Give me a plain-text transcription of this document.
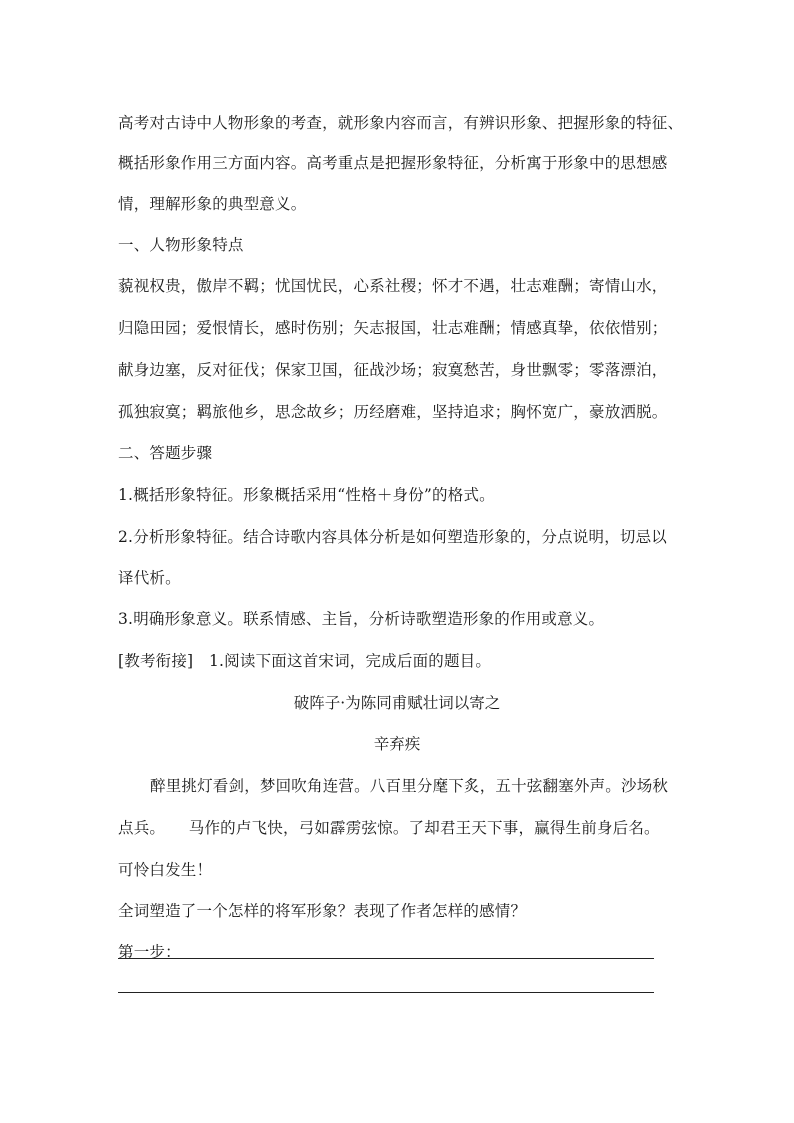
高考对古诗中人物形象的考查，就形象内容而言，有辨识形象、把握形象的特征、
概括形象作用三方面内容。高考重点是把握形象特征，分析寓于形象中的思想感
情，理解形象的典型意义。
一、人物形象特点
藐视权贵，傲岸不羁；忧国忧民，心系社稷；怀才不遇，壮志难酬；寄情山水，
归隐田园；爱恨情长，感时伤别；矢志报国，壮志难酬；情感真挚，依依惜别；
献身边塞，反对征伐；保家卫国，征战沙场；寂寞愁苦，身世飘零；零落漂泊，
孤独寂寞；羁旅他乡，思念故乡；历经磨难，坚持追求；胸怀宽广，豪放洒脱。
二、答题步骤
1.概括形象特征。形象概括采用“性格＋身份”的格式。
2.分析形象特征。结合诗歌内容具体分析是如何塑造形象的，分点说明，切忌以
译代析。
3.明确形象意义。联系情感、主旨，分析诗歌塑造形象的作用或意义。
[教考衔接]　1.阅读下面这首宋词，完成后面的题目。
破阵子·为陈同甫赋壮词以寄之
辛弃疾
醉里挑灯看剑，梦回吹角连营。八百里分麾下炙，五十弦翻塞外声。沙场秋
点兵。　　马作的卢飞快，弓如霹雳弦惊。了却君王天下事，赢得生前身后名。
可怜白发生！
全词塑造了一个怎样的将军形象？表现了作者怎样的感情？
第一步：
